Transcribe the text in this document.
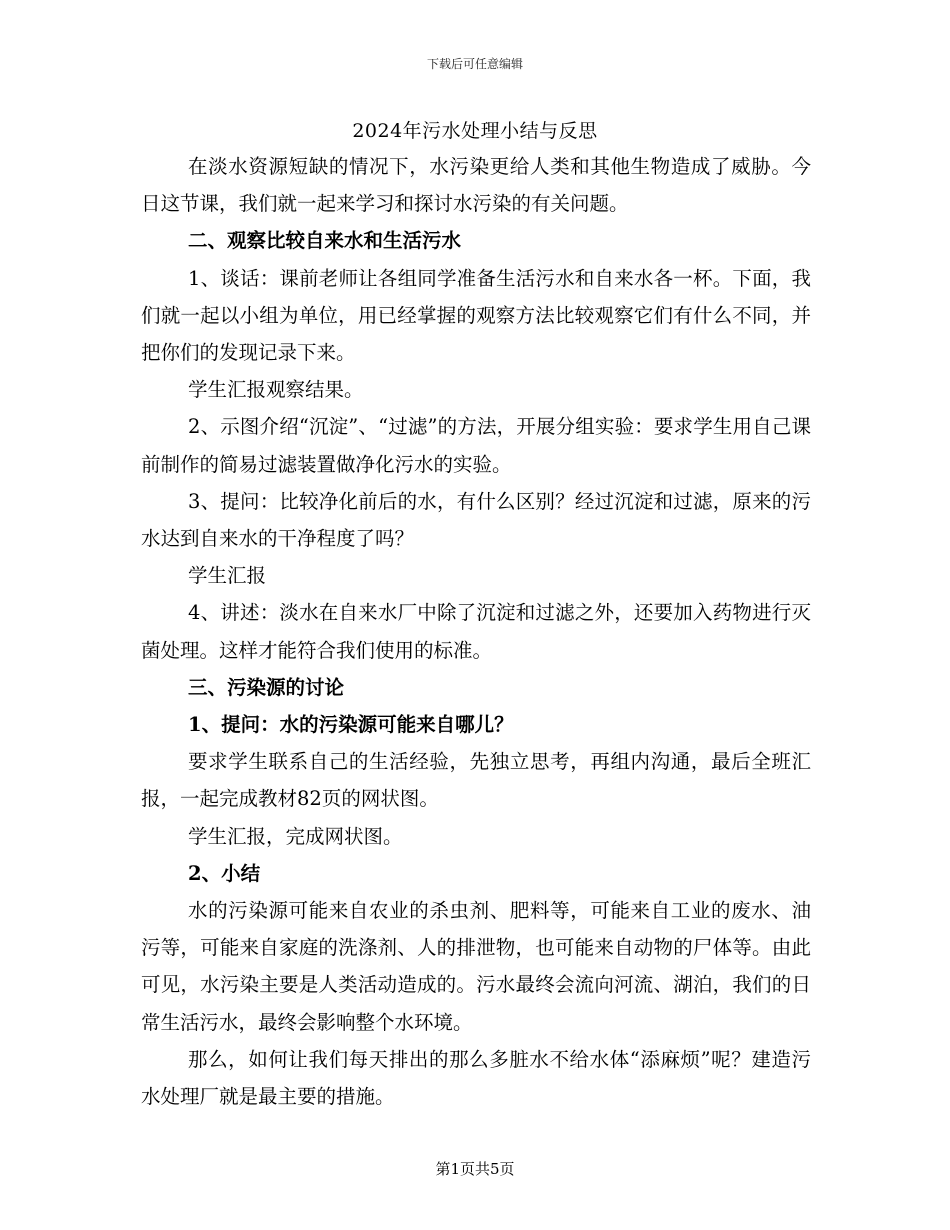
下载后可任意编辑
2024年污水处理小结与反思

在淡水资源短缺的情况下，水污染更给人类和其他生物造成了威胁。今日这节课，我们就一起来学习和探讨水污染的有关问题。

二、观察比较自来水和生活污水

1、谈话：课前老师让各组同学准备生活污水和自来水各一杯。下面，我们就一起以小组为单位，用已经掌握的观察方法比较观察它们有什么不同，并把你们的发现记录下来。

学生汇报观察结果。

2、示图介绍“沉淀”、“过滤”的方法，开展分组实验：要求学生用自己课前制作的简易过滤装置做净化污水的实验。

3、提问：比较净化前后的水，有什么区别？经过沉淀和过滤，原来的污水达到自来水的干净程度了吗？

学生汇报

4、讲述：淡水在自来水厂中除了沉淀和过滤之外，还要加入药物进行灭菌处理。这样才能符合我们使用的标准。

三、污染源的讨论

1、提问：水的污染源可能来自哪儿？

要求学生联系自己的生活经验，先独立思考，再组内沟通，最后全班汇报，一起完成教材82页的网状图。

学生汇报，完成网状图。

2、小结

水的污染源可能来自农业的杀虫剂、肥料等，可能来自工业的废水、油污等，可能来自家庭的洗涤剂、人的排泄物，也可能来自动物的尸体等。由此可见，水污染主要是人类活动造成的。污水最终会流向河流、湖泊，我们的日常生活污水，最终会影响整个水环境。

那么，如何让我们每天排出的那么多脏水不给水体“添麻烦”呢？建造污水处理厂就是最主要的措施。

第1页共5页
